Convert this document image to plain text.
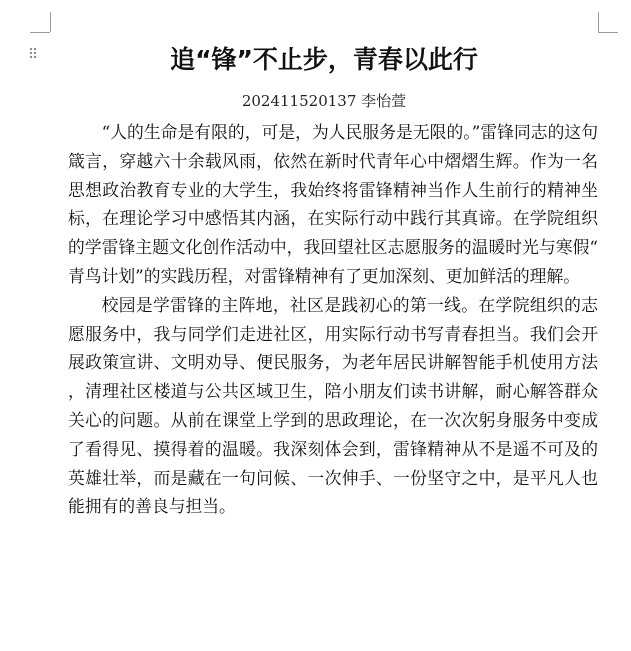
⠿	追“锋”不止步，青春以此行
202411520137 李怡萱

“人的生命是有限的，可是，为人民服务是无限的。”雷锋同志的这句箴言，穿越六十余载风雨，依然在新时代青年心中熠熠生辉。作为一名思想政治教育专业的大学生，我始终将雷锋精神当作人生前行的精神坐标，在理论学习中感悟其内涵，在实际行动中践行其真谛。在学院组织的学雷锋主题文化创作活动中，我回望社区志愿服务的温暖时光与寒假“青鸟计划”的实践历程，对雷锋精神有了更加深刻、更加鲜活的理解。

校园是学雷锋的主阵地，社区是践初心的第一线。在学院组织的志愿服务中，我与同学们走进社区，用实际行动书写青春担当。我们会开展政策宣讲、文明劝导、便民服务，为老年居民讲解智能手机使用方法，清理社区楼道与公共区域卫生，陪小朋友们读书讲解，耐心解答群众关心的问题。从前在课堂上学到的思政理论，在一次次躬身服务中变成了看得见、摸得着的温暖。我深刻体会到，雷锋精神从不是遥不可及的英雄壮举，而是藏在一句问候、一次伸手、一份坚守之中，是平凡人也能拥有的善良与担当。
